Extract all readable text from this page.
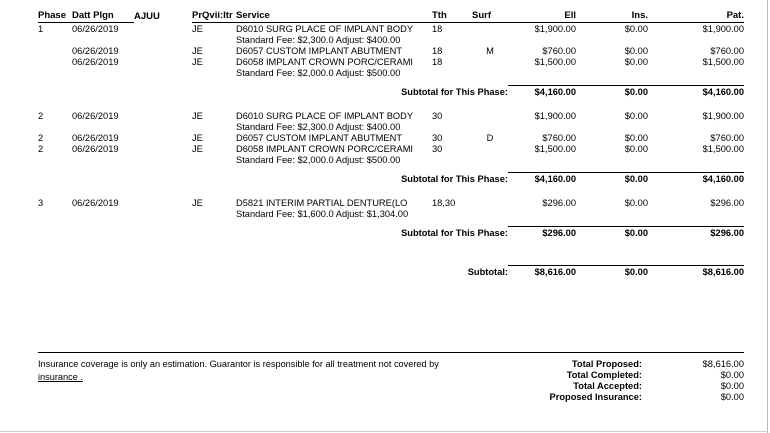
Phase	Datt Plgn	AJUU	PrQvii:ltr	Service	Tth	Surf	Ell	Ins.	Pat.
1	06/26/2019		JE	D6010 SURG PLACE OF IMPLANT BODY	18		$1,900.00	$0.00	$1,900.00
				Standard Fee: $2,300.0 Adjust: $400.00					
	06/26/2019		JE	D6057 CUSTOM IMPLANT ABUTMENT	18	M	$760.00	$0.00	$760.00
	06/26/2019		JE	D6058 IMPLANT CROWN PORC/CERAMI	18		$1,500.00	$0.00	$1,500.00
				Standard Fee: $2,000.0 Adjust: $500.00					

Subtotal for This Phase:							$4,160.00	$0.00	$4,160.00

2	06/26/2019		JE	D6010 SURG PLACE OF IMPLANT BODY	30		$1,900.00	$0.00	$1,900.00
				Standard Fee: $2,300.0 Adjust: $400.00					
2	06/26/2019		JE	D6057 CUSTOM IMPLANT ABUTMENT	30	D	$760.00	$0.00	$760.00
2	06/26/2019		JE	D6058 IMPLANT CROWN PORC/CERAMI	30		$1,500.00	$0.00	$1,500.00
				Standard Fee: $2,000.0 Adjust: $500.00					

Subtotal for This Phase:							$4,160.00	$0.00	$4,160.00

3	06/26/2019		JE	D5821 INTERIM PARTIAL DENTURE(LO	18,30		$296.00	$0.00	$296.00
				Standard Fee: $1,600.0 Adjust: $1,304.00					

Subtotal for This Phase:							$296.00	$0.00	$296.00

Subtotal:							$8,616.00	$0.00	$8,616.00
Insurance coverage is only an estimation. Guarantor is responsible for all treatment not covered by
insurance .
Total Proposed:	$8,616.00
Total Completed:	$0.00
Total Accepted:	$0.00
Proposed Insurance:	$0.00
